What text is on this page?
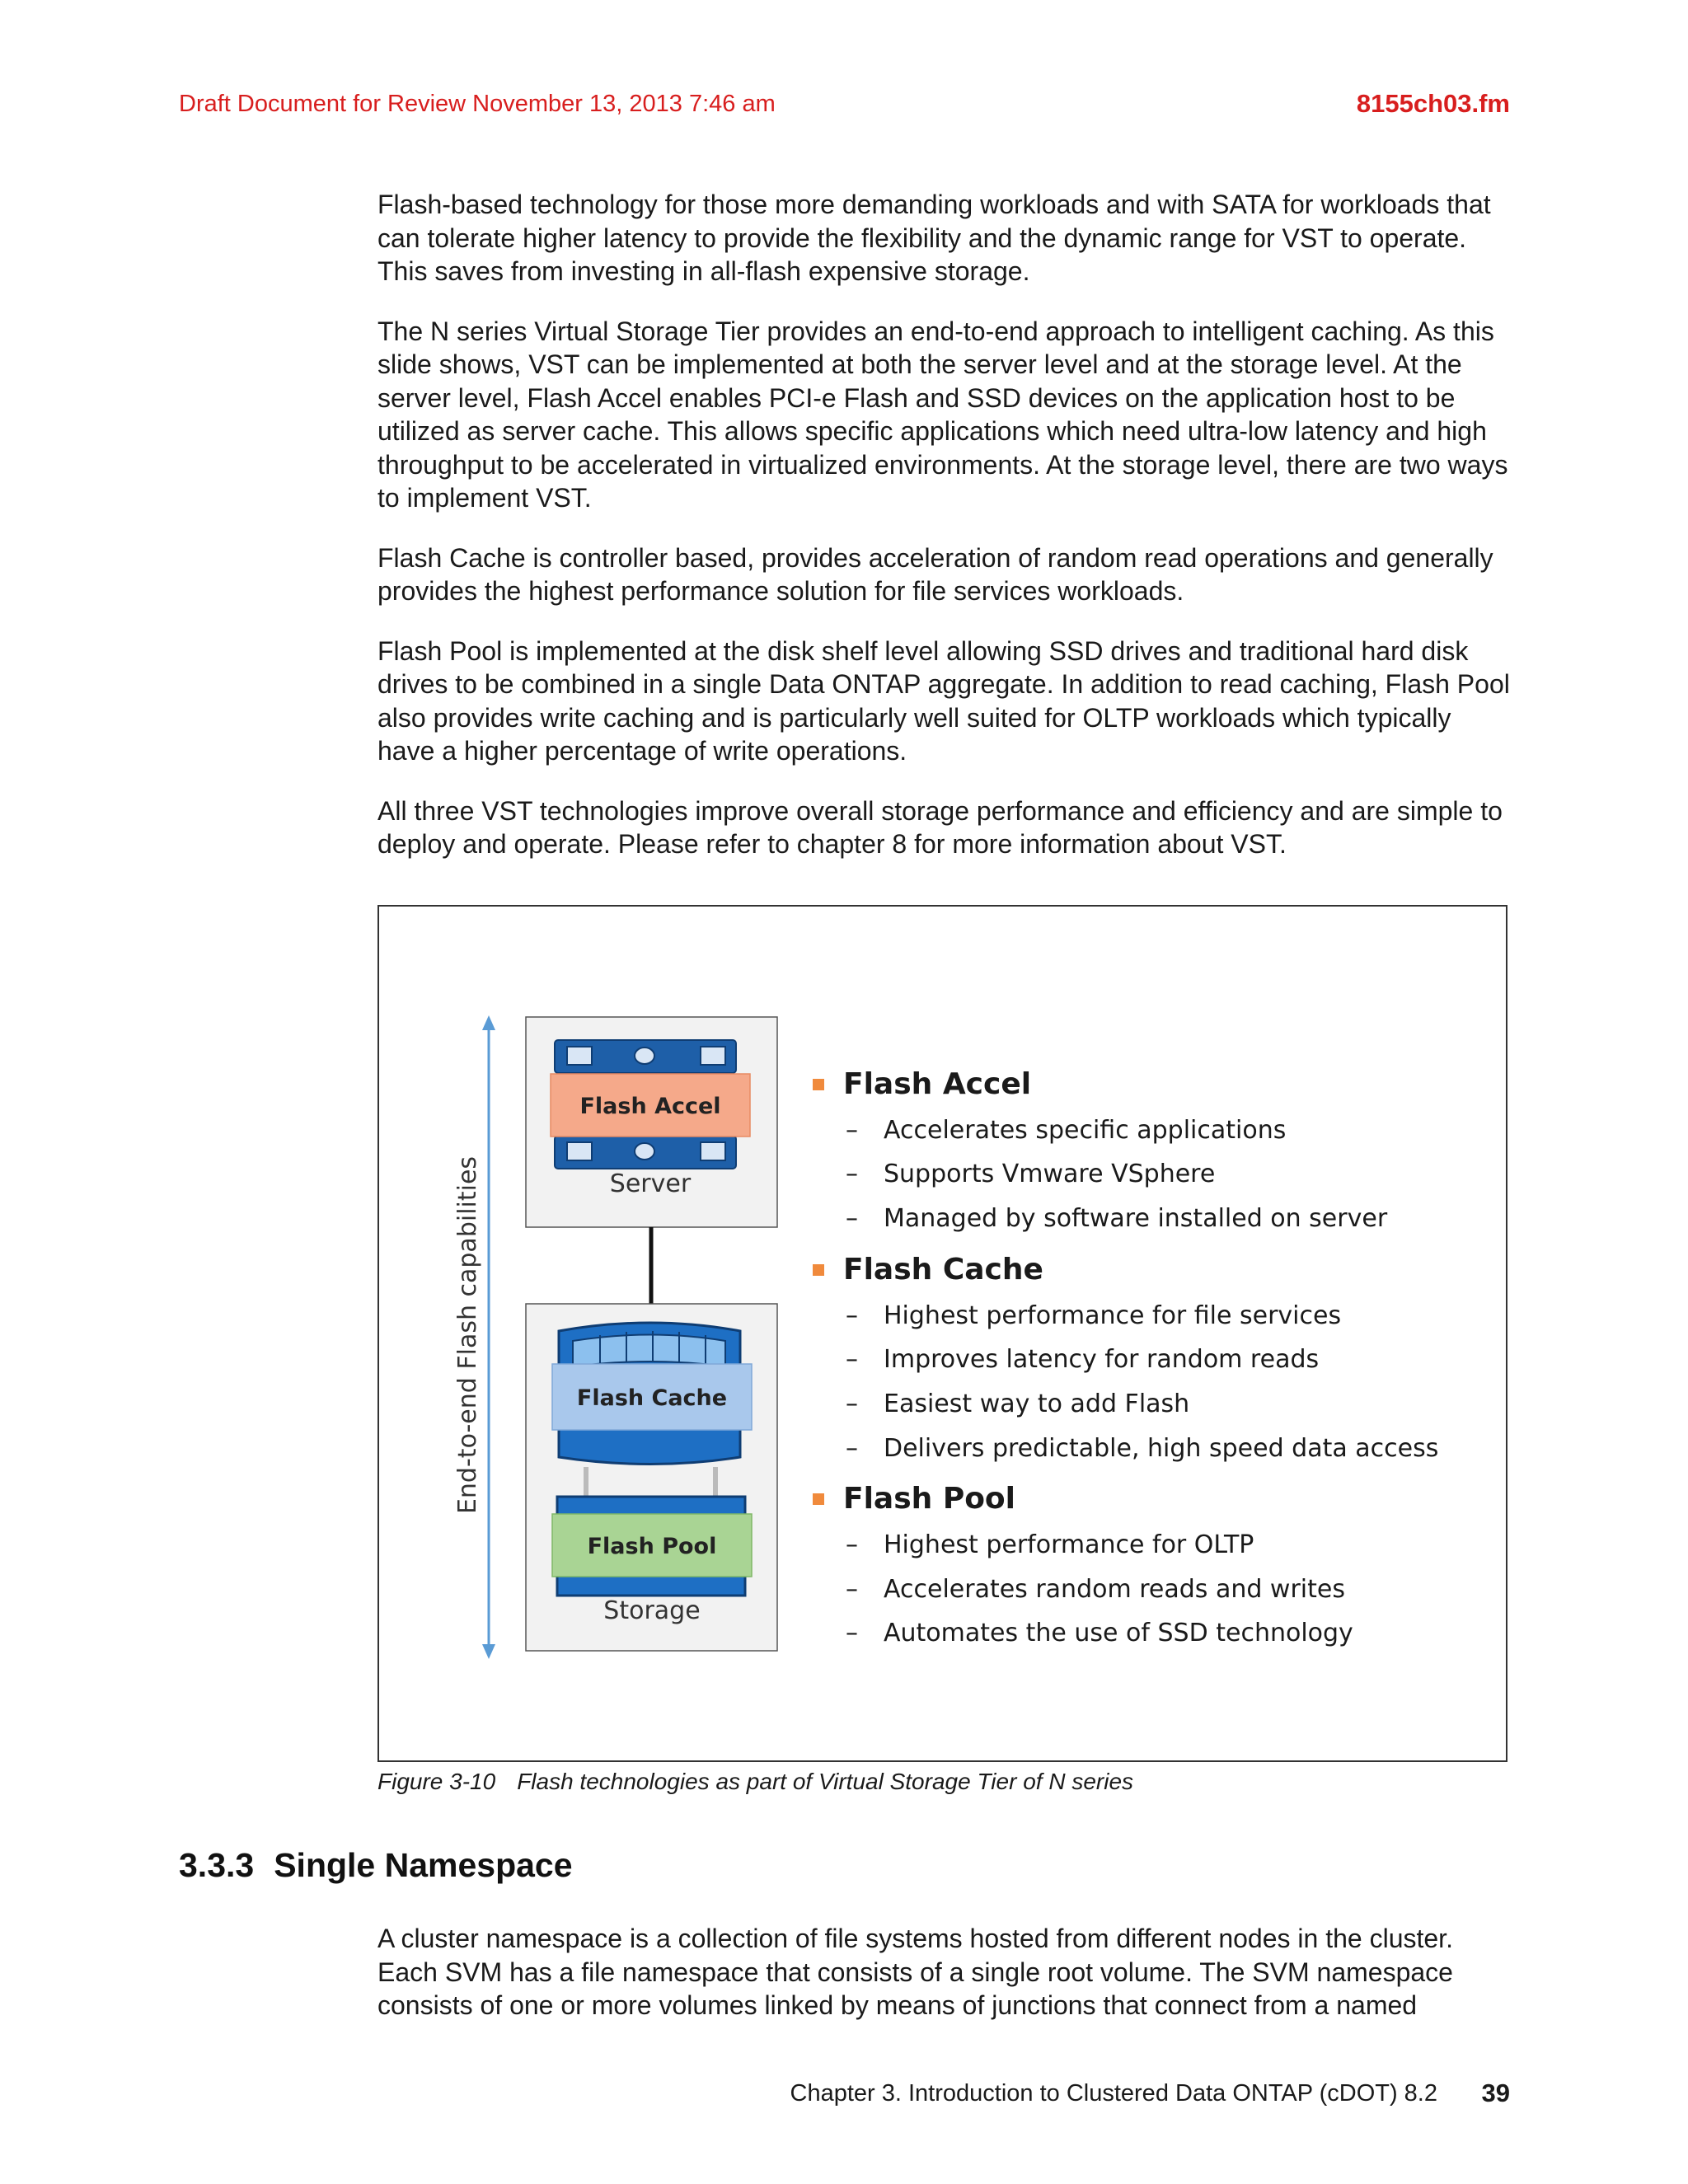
Draft Document for Review November 13, 2013 7:46 am	8155ch03.fm

Flash-based technology for those more demanding workloads and with SATA for workloads that can tolerate higher latency to provide the flexibility and the dynamic range for VST to operate. This saves from investing in all-flash expensive storage.

The N series Virtual Storage Tier provides an end-to-end approach to intelligent caching. As this slide shows, VST can be implemented at both the server level and at the storage level. At the server level, Flash Accel enables PCI-e Flash and SSD devices on the application host to be utilized as server cache. This allows specific applications which need ultra-low latency and high throughput to be accelerated in virtualized environments. At the storage level, there are two ways to implement VST.

Flash Cache is controller based, provides acceleration of random read operations and generally provides the highest performance solution for file services workloads.

Flash Pool is implemented at the disk shelf level allowing SSD drives and traditional hard disk drives to be combined in a single Data ONTAP aggregate. In addition to read caching, Flash Pool also provides write caching and is particularly well suited for OLTP workloads which typically have a higher percentage of write operations.

All three VST technologies improve overall storage performance and efficiency and are simple to deploy and operate. Please refer to chapter 8 for more information about VST.

End-to-end Flash capabilities
Flash Accel
Server
Flash Cache
Flash Pool
Storage
Flash Accel
– Accelerates specific applications
– Supports Vmware VSphere
– Managed by software installed on server
Flash Cache
– Highest performance for file services
– Improves latency for random reads
– Easiest way to add Flash
– Delivers predictable, high speed data access
Flash Pool
– Highest performance for OLTP
– Accelerates random reads and writes
– Automates the use of SSD technology
Figure 3-10 Flash technologies as part of Virtual Storage Tier of N series
3.3.3 Single Namespace

A cluster namespace is a collection of file systems hosted from different nodes in the cluster. Each SVM has a file namespace that consists of a single root volume. The SVM namespace consists of one or more volumes linked by means of junctions that connect from a named

Chapter 3. Introduction to Clustered Data ONTAP (cDOT) 8.2 39
